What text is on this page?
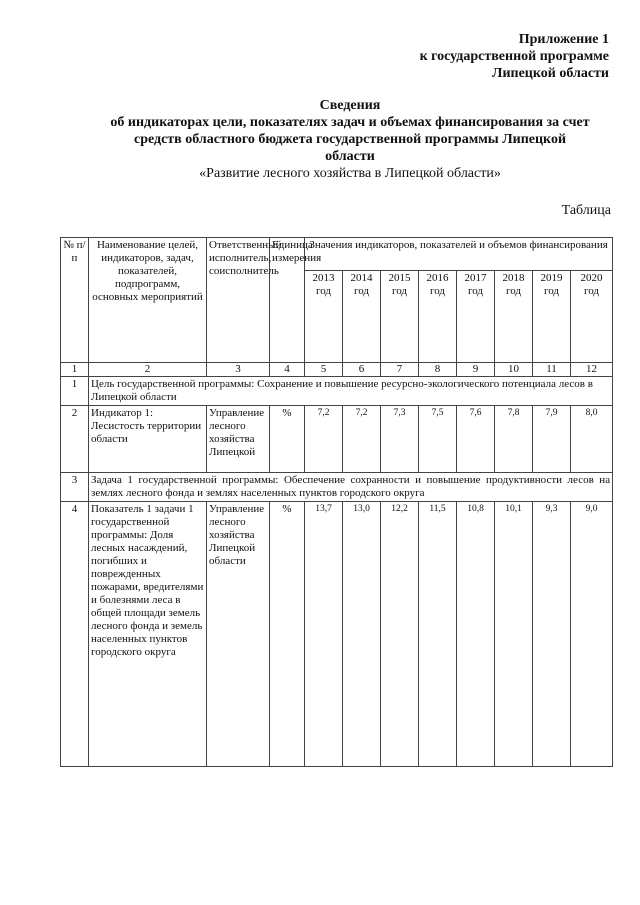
Приложение 1
к государственной программе
Липецкой области
Сведения
об индикаторах цели, показателях задач и объемах финансирования за счет
средств областного бюджета государственной программы Липецкой
области
«Развитие лесного хозяйства в Липецкой области»
Таблица
№ п/п	Наименование целей, индикаторов, задач, показателей, подпрограмм, основных мероприятий	Ответственный исполнитель, соисполнитель	Единица измерения	Значения индикаторов, показателей и объемов финансирования							
				2013 год	2014 год	2015 год	2016 год	2017 год	2018 год	2019 год	2020 год
1	2	3	4	5	6	7	8	9	10	11	12
1	Цель государственной программы: Сохранение и повышение ресурсно-экологического потенциала лесов в Липецкой области										
2	Индикатор 1: Лесистость территории области	Управление лесного хозяйства Липецкой	%	7,2	7,2	7,3	7,5	7,6	7,8	7,9	8,0
3	Задача 1 государственной программы: Обеспечение сохранности и повышение продуктивности лесов на землях лесного фонда и землях населенных пунктов городского округа										
4	Показатель 1 задачи 1 государственной программы: Доля лесных насаждений, погибших и поврежденных пожарами, вредителями и болезнями леса в общей площади земель лесного фонда и земель населенных пунктов городского округа	Управление лесного хозяйства Липецкой области	%	13,7	13,0	12,2	11,5	10,8	10,1	9,3	9,0
